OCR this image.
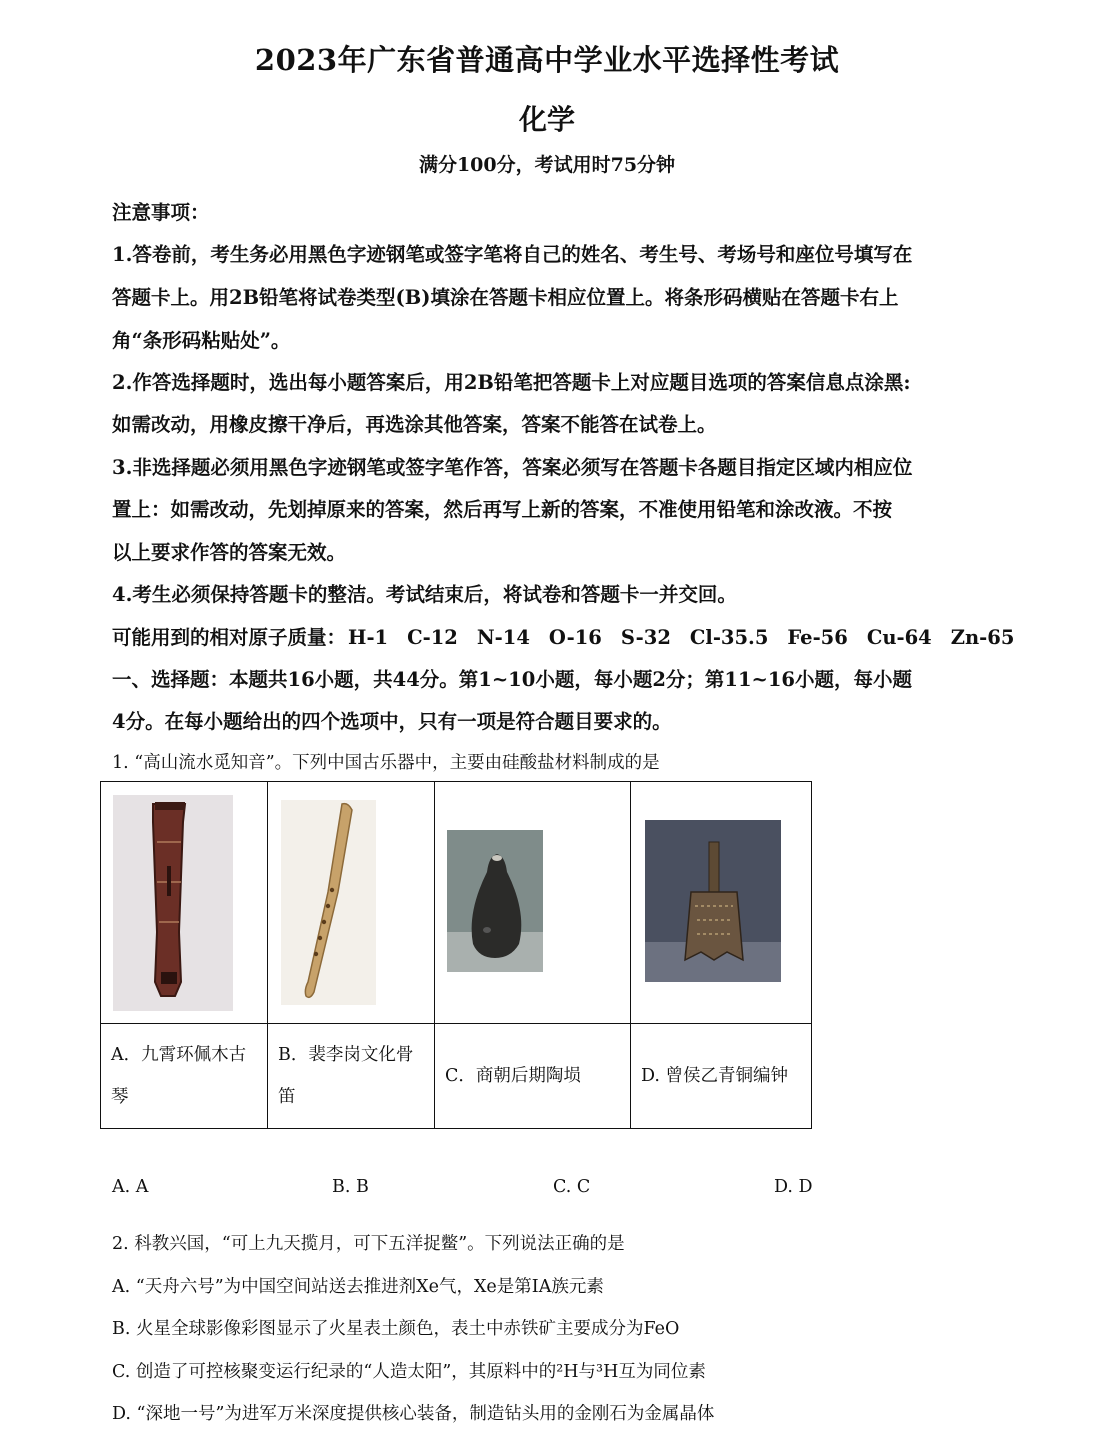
2023年广东省普通高中学业水平选择性考试
化学
满分100分，考试用时75分钟
注意事项：
1.答卷前，考生务必用黑色字迹钢笔或签字笔将自己的姓名、考生号、考场号和座位号填写在
答题卡上。用2B铅笔将试卷类型(B)填涂在答题卡相应位置上。将条形码横贴在答题卡右上
角“条形码粘贴处”。
2.作答选择题时，选出每小题答案后，用2B铅笔把答题卡上对应题目选项的答案信息点涂黑:
如需改动，用橡皮擦干净后，再选涂其他答案，答案不能答在试卷上。
3.非选择题必须用黑色字迹钢笔或签字笔作答，答案必须写在答题卡各题目指定区域内相应位
置上：如需改动，先划掉原来的答案，然后再写上新的答案，不准使用铅笔和涂改液。不按
以上要求作答的答案无效。
4.考生必须保持答题卡的整洁。考试结束后，将试卷和答题卡一并交回。
可能用到的相对原子质量： H-1 C-12 N-14 O-16 S-32 Cl-35.5 Fe-56 Cu-64 Zn-65
一、选择题：本题共16小题，共44分。第1~10小题，每小题2分；第11~16小题，每小题
4分。在每小题给出的四个选项中，只有一项是符合题目要求的。
1. “高山流水觅知音”。下列中国古乐器中，主要由硅酸盐材料制成的是

A．九霄环佩木古琴	B．裴李岗文化骨笛	C．商朝后期陶埙	D. 曾侯乙青铜编钟
A. A	B. B	C. C	D. D
2. 科教兴国，“可上九天揽月，可下五洋捉鳖”。下列说法正确的是
A. “天舟六号”为中国空间站送去推进剂Xe气，Xe是第IA族元素
B. 火星全球影像彩图显示了火星表土颜色，表土中赤铁矿主要成分为FeO
C. 创造了可控核聚变运行纪录的“人造太阳”，其原料中的²H与³H互为同位素
D. “深地一号”为进军万米深度提供核心装备，制造钻头用的金刚石为金属晶体
